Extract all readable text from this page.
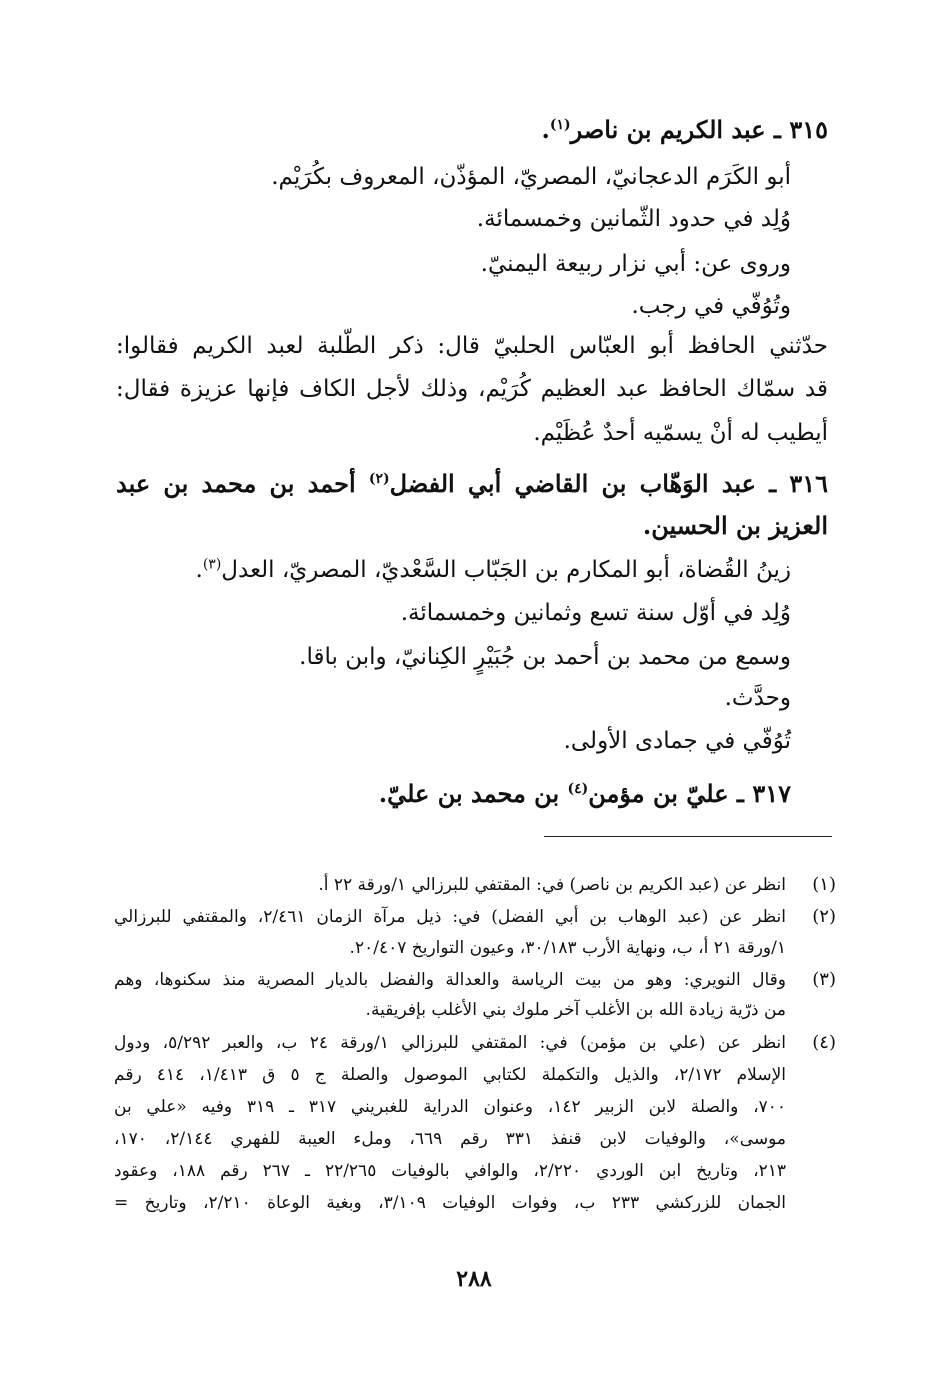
٣١٥ ـ عبد الكريم بن ناصر$^{(١)}$.
أبو الكَرَم الدعجانيّ، المصريّ، المؤذّن، المعروف بكُرَيْم.
وُلِد في حدود الثّمانين وخمسمائة.
وروى عن: أبي نزار ربيعة اليمنيّ.
وتُوُفّي في رجب.
حدّثني الحافظ أبو العبّاس الحلبيّ قال: ذكر الطّلبة لعبد الكريم فقالوا:
قد سمّاك الحافظ عبد العظيم كُرَيْم، وذلك لأجل الكاف فإنها عزيزة فقال:
أيطيب له أنْ يسمّيه أحدٌ عُظَيْم.
٣١٦ ـ عبد الوَهّاب بن القاضي أبي الفضل$^{(٢)}$ أحمد بن محمد بن عبد
العزيز بن الحسين.
زينُ القُضاة، أبو المكارم بن الجَبّاب السَّعْديّ، المصريّ، العدل$^{(٣)}$.
وُلِد في أوّل سنة تسع وثمانين وخمسمائة.
وسمع من محمد بن أحمد بن جُبَيْرٍ الكِنانيّ، وابن باقا.
وحدَّث.
تُوُفّي في جمادى الأولى.
٣١٧ ـ عليّ بن مؤمن$^{(٤)}$ بن محمد بن عليّ.
(١)
انظر عن (عبد الكريم بن ناصر) في: المقتفي للبرزالي ١/ورقة ٢٢ أ.
(٢)
انظر عن (عبد الوهاب بن أبي الفضل) في: ذيل مرآة الزمان ٢/٤٦١، والمقتفي للبرزالي
١/ورقة ٢١ أ، ب، ونهاية الأرب ٣٠/١٨٣، وعيون التواريخ ٢٠/٤٠٧.
(٣)
وقال النويري: وهو من بيت الرياسة والعدالة والفضل بالديار المصرية منذ سكنوها، وهم
من ذرّية زيادة الله بن الأغلب آخر ملوك بني الأغلب بإفريقية.
(٤)
انظر عن (علي بن مؤمن) في: المقتفي للبرزالي ١/ورقة ٢٤ ب، والعبر ٥/٢٩٢، ودول
الإسلام ٢/١٧٢، والذيل والتكملة لكتابي الموصول والصلة ج ٥ ق ١/٤١٣، ٤١٤ رقم
٧٠٠، والصلة لابن الزبير ١٤٢، وعنوان الدراية للغبريني ٣١٧ ـ ٣١٩ وفيه «علي بن
موسى»، والوفيات لابن قنفذ ٣٣١ رقم ٦٦٩، وملء العيبة للفهري ٢/١٤٤، ١٧٠،
٢١٣، وتاريخ ابن الوردي ٢/٢٢٠، والوافي بالوفيات ٢٢/٢٦٥ ـ ٢٦٧ رقم ١٨٨، وعقود
الجمان للزركشي ٢٣٣ ب، وفوات الوفيات ٣/١٠٩، وبغية الوعاة ٢/٢١٠، وتاريخ =
٢٨٨
